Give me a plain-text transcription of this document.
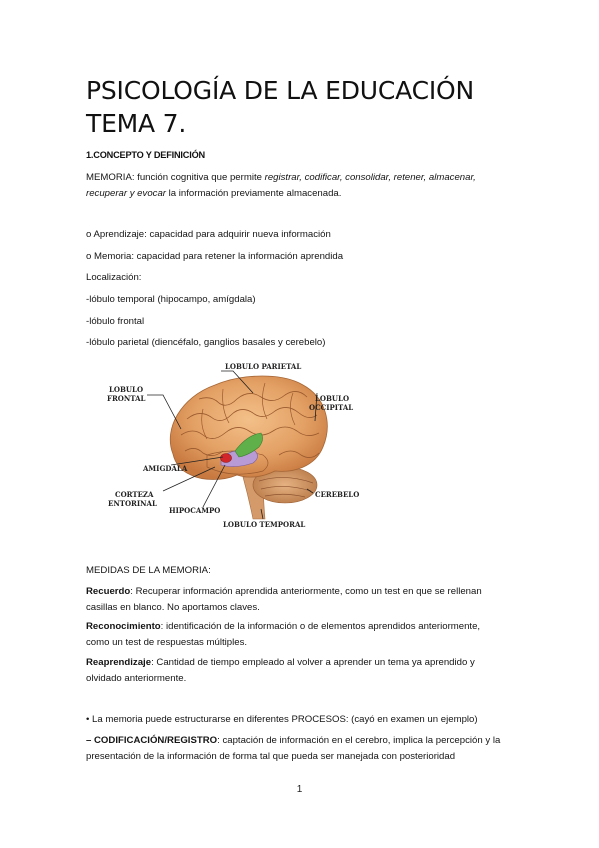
PSICOLOGÍA DE LA EDUCACIÓN
TEMA 7.
1.CONCEPTO Y DEFINICIÓN
MEMORIA: función cognitiva que permite registrar, codificar, consolidar, retener, almacenar,
recuperar y evocar la información previamente almacenada.
o Aprendizaje: capacidad para adquirir nueva información
o Memoria: capacidad para retener la información aprendida
Localización:
-lóbulo temporal (hipocampo, amígdala)
-lóbulo frontal
-lóbulo parietal (diencéfalo, ganglios basales y cerebelo)
LOBULO PARIETAL
LOBULO
FRONTAL	LOBULO
OCCIPITAL
AMIGDALA
CORTEZA
ENTORINAL
HIPOCAMPO
CEREBELO
LOBULO TEMPORAL
MEDIDAS DE LA MEMORIA:
Recuerdo: Recuperar información aprendida anteriormente, como un test en que se rellenan
casillas en blanco. No aportamos claves.
Reconocimiento: identificación de la información o de elementos aprendidos anteriormente,
como un test de respuestas múltiples.
Reaprendizaje: Cantidad de tiempo empleado al volver a aprender un tema ya aprendido y
olvidado anteriormente.
• La memoria puede estructurarse en diferentes PROCESOS: (cayó en examen un ejemplo)
– CODIFICACIÓN/REGISTRO: captación de información en el cerebro, implica la percepción y la
presentación de la información de forma tal que pueda ser manejada con posterioridad
1
